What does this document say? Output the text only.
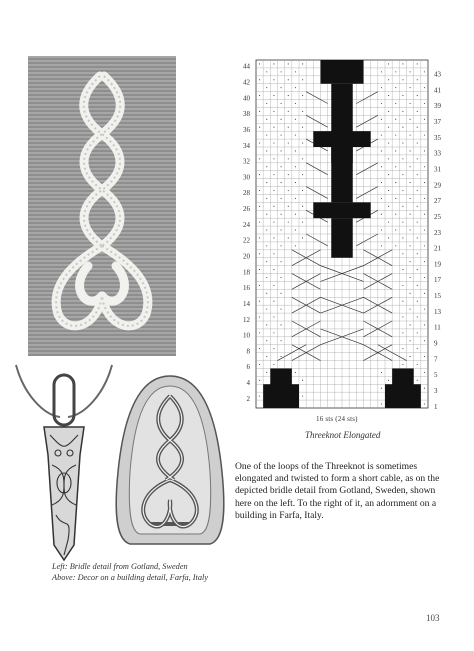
44
42
40
38
36
34
32
30
28
26
24
22
20
18
16
14
12
10
8
6
4
2
43
41
39
37
35
33
31
29
27
25
23
21
19
17
15
13
11
9
7
5
3
1
16 sts (24 sts)
Threeknot Elongated

One of the loops of the Threeknot is sometimes elongated and twisted to form a short cable, as on the depicted bridle detail from Gotland, Sweden, shown here on the left. To the right of it, an adornment on a building in Farfa, Italy.

Left: Bridle detail from Gotland, Sweden
Above: Decor on a building detail, Farfa, Italy

103
